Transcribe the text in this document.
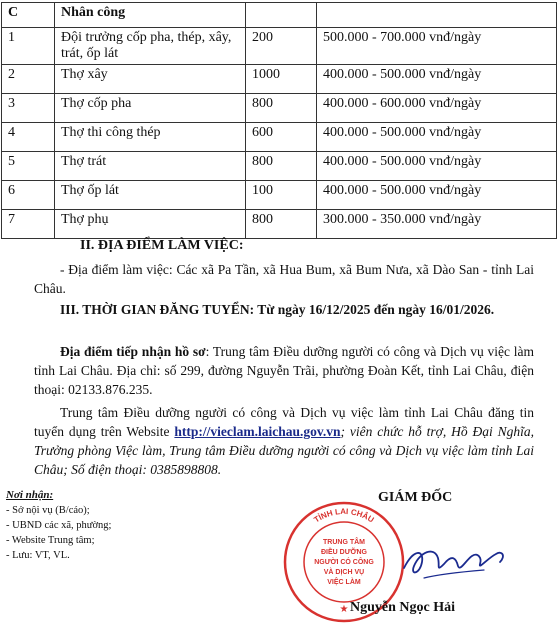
C	Nhân công		
1	Đội trưởng cốp pha, thép, xây, trát, ốp lát	200	500.000 - 700.000 vnđ/ngày
2	Thợ xây	1000	400.000 - 500.000 vnđ/ngày
3	Thợ cốp pha	800	400.000 - 600.000 vnđ/ngày
4	Thợ thi công thép	600	400.000 - 500.000 vnđ/ngày
5	Thợ trát	800	400.000 - 500.000 vnđ/ngày
6	Thợ ốp lát	100	400.000 - 500.000 vnđ/ngày
7	Thợ phụ	800	300.000 - 350.000 vnđ/ngày
II. ĐỊA ĐIỂM LÀM VIỆC:
- Địa điểm làm việc: Các xã Pa Tần, xã Hua Bum, xã Bum Nưa, xã Dào San - tỉnh Lai Châu.
III. THỜI GIAN ĐĂNG TUYỂN: Từ ngày 16/12/2025 đến ngày 16/01/2026.
Địa điểm tiếp nhận hồ sơ: Trung tâm Điều dưỡng người có công và Dịch vụ việc làm tỉnh Lai Châu. Địa chỉ: số 299, đường Nguyễn Trãi, phường Đoàn Kết, tỉnh Lai Châu, điện thoại: 02133.876.235.
Trung tâm Điều dưỡng người có công và Dịch vụ việc làm tỉnh Lai Châu đăng tin tuyển dụng trên Website http://vieclam.laichau.gov.vn; viên chức hỗ trợ, Hồ Đại Nghĩa, Trưởng phòng Việc làm, Trung tâm Điều dưỡng người có công và Dịch vụ việc làm tỉnh Lai Châu; Số điện thoại: 0385898808.
Nơi nhận:
- Sở nội vụ (B/cáo);
- UBND các xã, phường;
- Website Trung tâm;
- Lưu: VT, VL.
GIÁM ĐỐC
TỈNH LAI CHÂU
TRUNG TÂM
ĐIỀU DƯỠNG
NGƯỜI CÓ CÔNG
VÀ DỊCH VỤ
VIỆC LÀM
★ Nguyễn Ngọc Hải
